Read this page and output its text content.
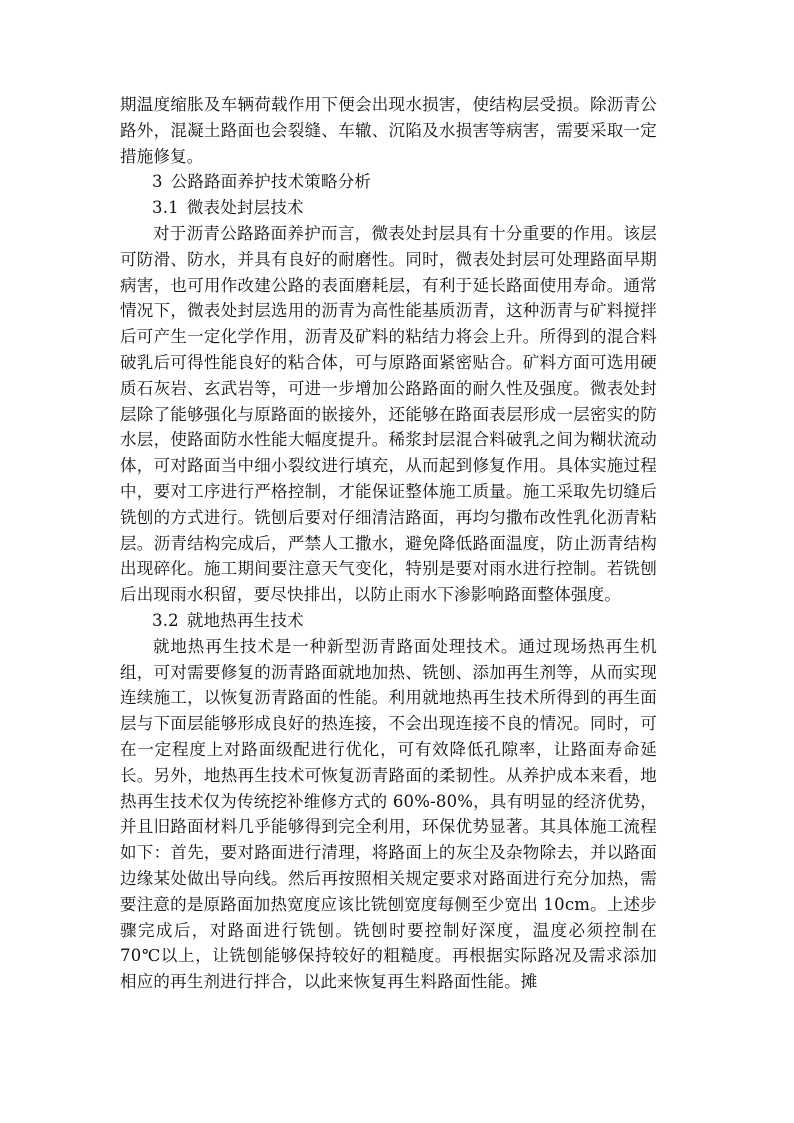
期温度缩胀及车辆荷载作用下便会出现水损害，使结构层受损。除沥青公路外，混凝土路面也会裂缝、车辙、沉陷及水损害等病害，需要采取一定措施修复。

3 公路路面养护技术策略分析

3.1 微表处封层技术

对于沥青公路路面养护而言，微表处封层具有十分重要的作用。该层可防滑、防水，并具有良好的耐磨性。同时，微表处封层可处理路面早期病害，也可用作改建公路的表面磨耗层，有利于延长路面使用寿命。通常情况下，微表处封层选用的沥青为高性能基质沥青，这种沥青与矿料搅拌后可产生一定化学作用，沥青及矿料的粘结力将会上升。所得到的混合料破乳后可得性能良好的粘合体，可与原路面紧密贴合。矿料方面可选用硬质石灰岩、玄武岩等，可进一步增加公路路面的耐久性及强度。微表处封层除了能够强化与原路面的嵌接外，还能够在路面表层形成一层密实的防水层，使路面防水性能大幅度提升。稀浆封层混合料破乳之间为糊状流动体，可对路面当中细小裂纹进行填充，从而起到修复作用。具体实施过程中，要对工序进行严格控制，才能保证整体施工质量。施工采取先切缝后铣刨的方式进行。铣刨后要对仔细清洁路面，再均匀撒布改性乳化沥青粘层。沥青结构完成后，严禁人工撒水，避免降低路面温度，防止沥青结构出现碎化。施工期间要注意天气变化，特别是要对雨水进行控制。若铣刨后出现雨水积留，要尽快排出，以防止雨水下渗影响路面整体强度。

3.2 就地热再生技术

就地热再生技术是一种新型沥青路面处理技术。通过现场热再生机组，可对需要修复的沥青路面就地加热、铣刨、添加再生剂等，从而实现连续施工，以恢复沥青路面的性能。利用就地热再生技术所得到的再生面层与下面层能够形成良好的热连接，不会出现连接不良的情况。同时，可在一定程度上对路面级配进行优化，可有效降低孔隙率，让路面寿命延长。另外，地热再生技术可恢复沥青路面的柔韧性。从养护成本来看，地热再生技术仅为传统挖补维修方式的 60%-80%，具有明显的经济优势，并且旧路面材料几乎能够得到完全利用，环保优势显著。其具体施工流程如下：首先，要对路面进行清理，将路面上的灰尘及杂物除去，并以路面边缘某处做出导向线。然后再按照相关规定要求对路面进行充分加热，需要注意的是原路面加热宽度应该比铣刨宽度每侧至少宽出 10cm。上述步骤完成后，对路面进行铣刨。铣刨时要控制好深度，温度必须控制在 70℃以上，让铣刨能够保持较好的粗糙度。再根据实际路况及需求添加相应的再生剂进行拌合，以此来恢复再生料路面性能。摊
